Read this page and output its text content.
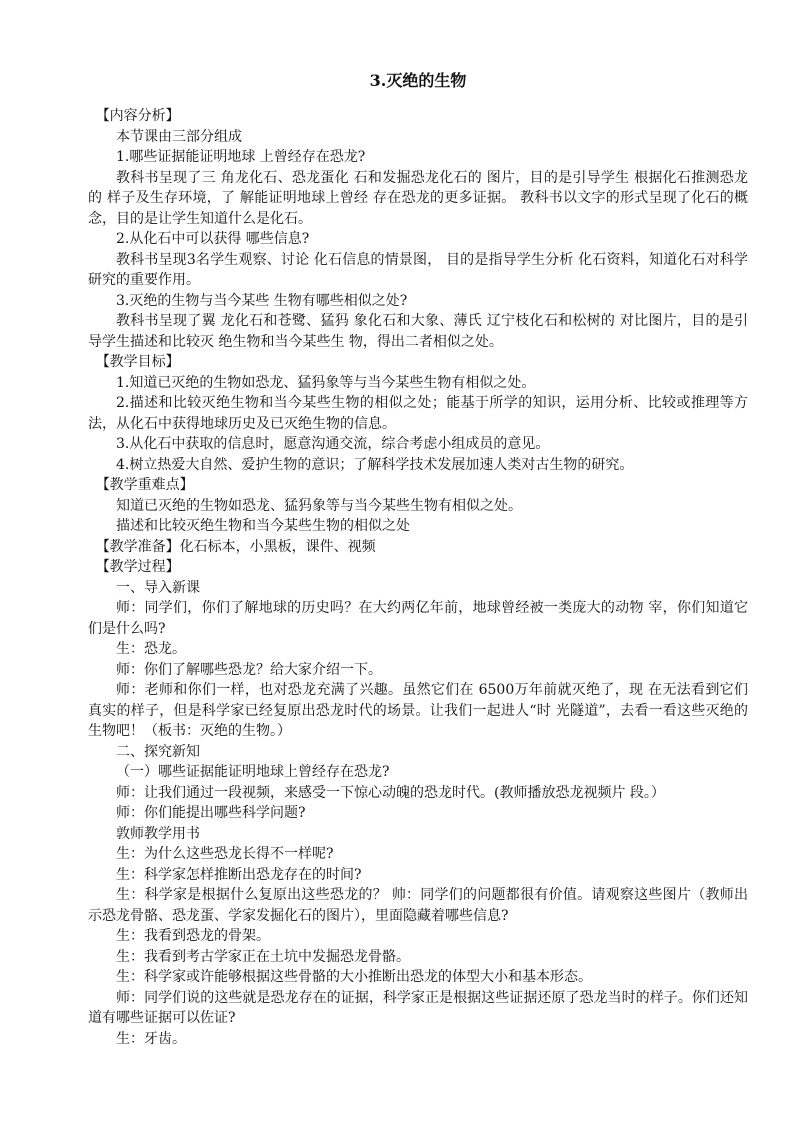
3.灭绝的生物

【内容分析】

本节课由三部分组成

1.哪些证据能证明地球 上曾经存在恐龙?

教科书呈现了三 角龙化石、恐龙蛋化 石和发掘恐龙化石的 图片，目的是引导学生 根据化石推测恐龙的 样子及生存环境，了 解能证明地球上曾经 存在恐龙的更多证据。 教科书以文字的形式呈现了化石的概 念，目的是让学生知道什么是化石。

2.从化石中可以获得 哪些信息?

教科书呈现3名学生观察、讨论 化石信息的情景图， 目的是指导学生分析 化石资料，知道化石对科学研究的重要作用。

3.灭绝的生物与当今某些 生物有哪些相似之处?

教科书呈现了翼 龙化石和苍鹭、猛犸 象化石和大象、薄氏 辽宁枝化石和松树的 对比图片，目的是引导学生描述和比较灭 绝生物和当今某些生 物，得出二者相似之处。

【教学目标】

1.知道已灭绝的生物如恐龙、猛犸象等与当今某些生物有相似之处。

2.描述和比较灭绝生物和当今某些生物的相似之处；能基于所学的知识，运用分析、比较或推理等方法，从化石中获得地球历史及已灭绝生物的信息。

3.从化石中获取的信息时，愿意沟通交流，综合考虑小组成员的意见。

4.树立热爱大自然、爱护生物的意识；了解科学技术发展加速人类对古生物的研究。

【教学重难点】

知道已灭绝的生物如恐龙、猛犸象等与当今某些生物有相似之处。

描述和比较灭绝生物和当今某些生物的相似之处

【教学准备】化石标本，小黑板，课件、视频

【教学过程】

一、导入新课

师：同学们，你们了解地球的历史吗？在大约两亿年前，地球曾经被一类庞大的动物 宰，你们知道它们是什么吗?

生：恐龙。

师：你们了解哪些恐龙？给大家介绍一下。

师：老师和你们一样，也对恐龙充满了兴趣。虽然它们在 6500万年前就灭绝了，现 在无法看到它们真实的样子，但是科学家已经复原出恐龙时代的场景。让我们一起进人“时 光隧道”，去看一看这些灭绝的生物吧！（板书：灭绝的生物。）

二、探究新知

（一）哪些证据能证明地球上曾经存在恐龙?

师：让我们通过一段视频，来感受一下惊心动魄的恐龙时代。(教师播放恐龙视频片 段。）

师：你们能提出哪些科学问题?

敦师教学用书

生：为什么这些恐龙长得不一样呢?

生：科学家怎样推断出恐龙存在的时间?

生：科学家是根据什么复原出这些恐龙的？ 帅：同学们的问题都很有价值。请观察这些图片（教师出示恐龙骨骼、恐龙蛋、学家发掘化石的图片），里面隐藏着哪些信息?

生：我看到恐龙的骨架。

生：我看到考古学家正在土坑中发掘恐龙骨骼。

生：科学家或许能够根据这些骨骼的大小推断出恐龙的体型大小和基本形态。

师：同学们说的这些就是恐龙存在的证据，科学家正是根据这些证据还原了恐龙当时的样子。你们还知道有哪些证据可以佐证?

生：牙齿。
